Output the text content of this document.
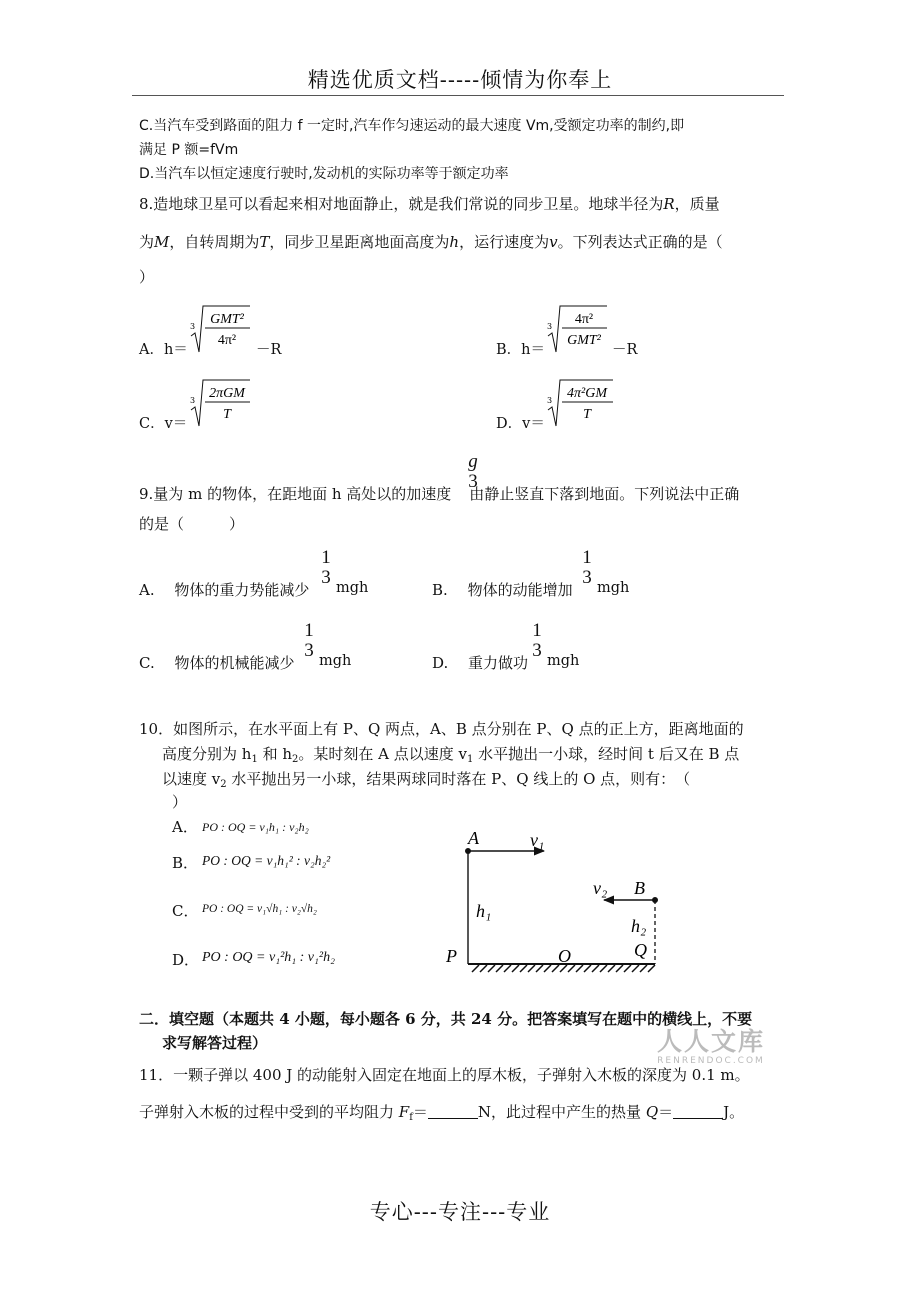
精选优质文档-----倾情为你奉上
C.当汽车受到路面的阻力 f 一定时,汽车作匀速运动的最大速度 Vm,受额定功率的制约,即
满足 P 额=fVm
D.当汽车以恒定速度行驶时,发动机的实际功率等于额定功率
8.造地球卫星可以看起来相对地面静止，就是我们常说的同步卫星。地球半径为R，质量
为M，自转周期为T，同步卫星距离地面高度为h，运行速度为v。下列表达式正确的是（
）
A．h＝
3 GMT²
4π²
－R	B．h＝
3 4π²
GMT²
－R
C．v＝
3 2πGM
T
D．v＝
3 4π²GM
T
g
3
9.量为 m 的物体，在距地面 h 高处以的加速度 由静止竖直下落到地面。下列说法中正确
的是（　　　）
A.　 物体的重力势能减少
1
3 mgh	B.　 物体的动能增加
1
3 mgh
C.　 物体的机械能减少
1
3 mgh	D.　 重力做功
1
3 mgh
10．如图所示，在水平面上有 P、Q 两点，A、B 点分别在 P、Q 点的正上方，距离地面的
高度分别为 $h_1$ 和 $h_2$。某时刻在 A 点以速度 $v_1$ 水平抛出一小球，经时间 t 后又在 B 点
以速度 $v_2$ 水平抛出另一小球，结果两球同时落在 P、Q 线上的 O 点，则有：　（
）
A． PO : OQ = v₁h₁ : v₂h₂
B． PO : OQ = v₁h₁² : v₂h₂²
C． PO : OQ = v₁√h₁ : v₂√h₂
D． PO : OQ = v₁²h₁ : v₁²h₂
A	v₁
v₂ B
h₁
h₂
P	O	Q
二．填空题（本题共 4 小题，每小题各 6 分，共 24 分。把答案填写在题中的横线上，不要
求写解答过程）	人人文库
RENRENDOC.COM
11．一颗子弹以 400 J 的动能射入固定在地面上的厚木板，子弹射入木板的深度为 0.1 m。
子弹射入木板的过程中受到的平均阻力 $F_f=$	N，此过程中产生的热量 Q＝	J。
专心---专注---专业
